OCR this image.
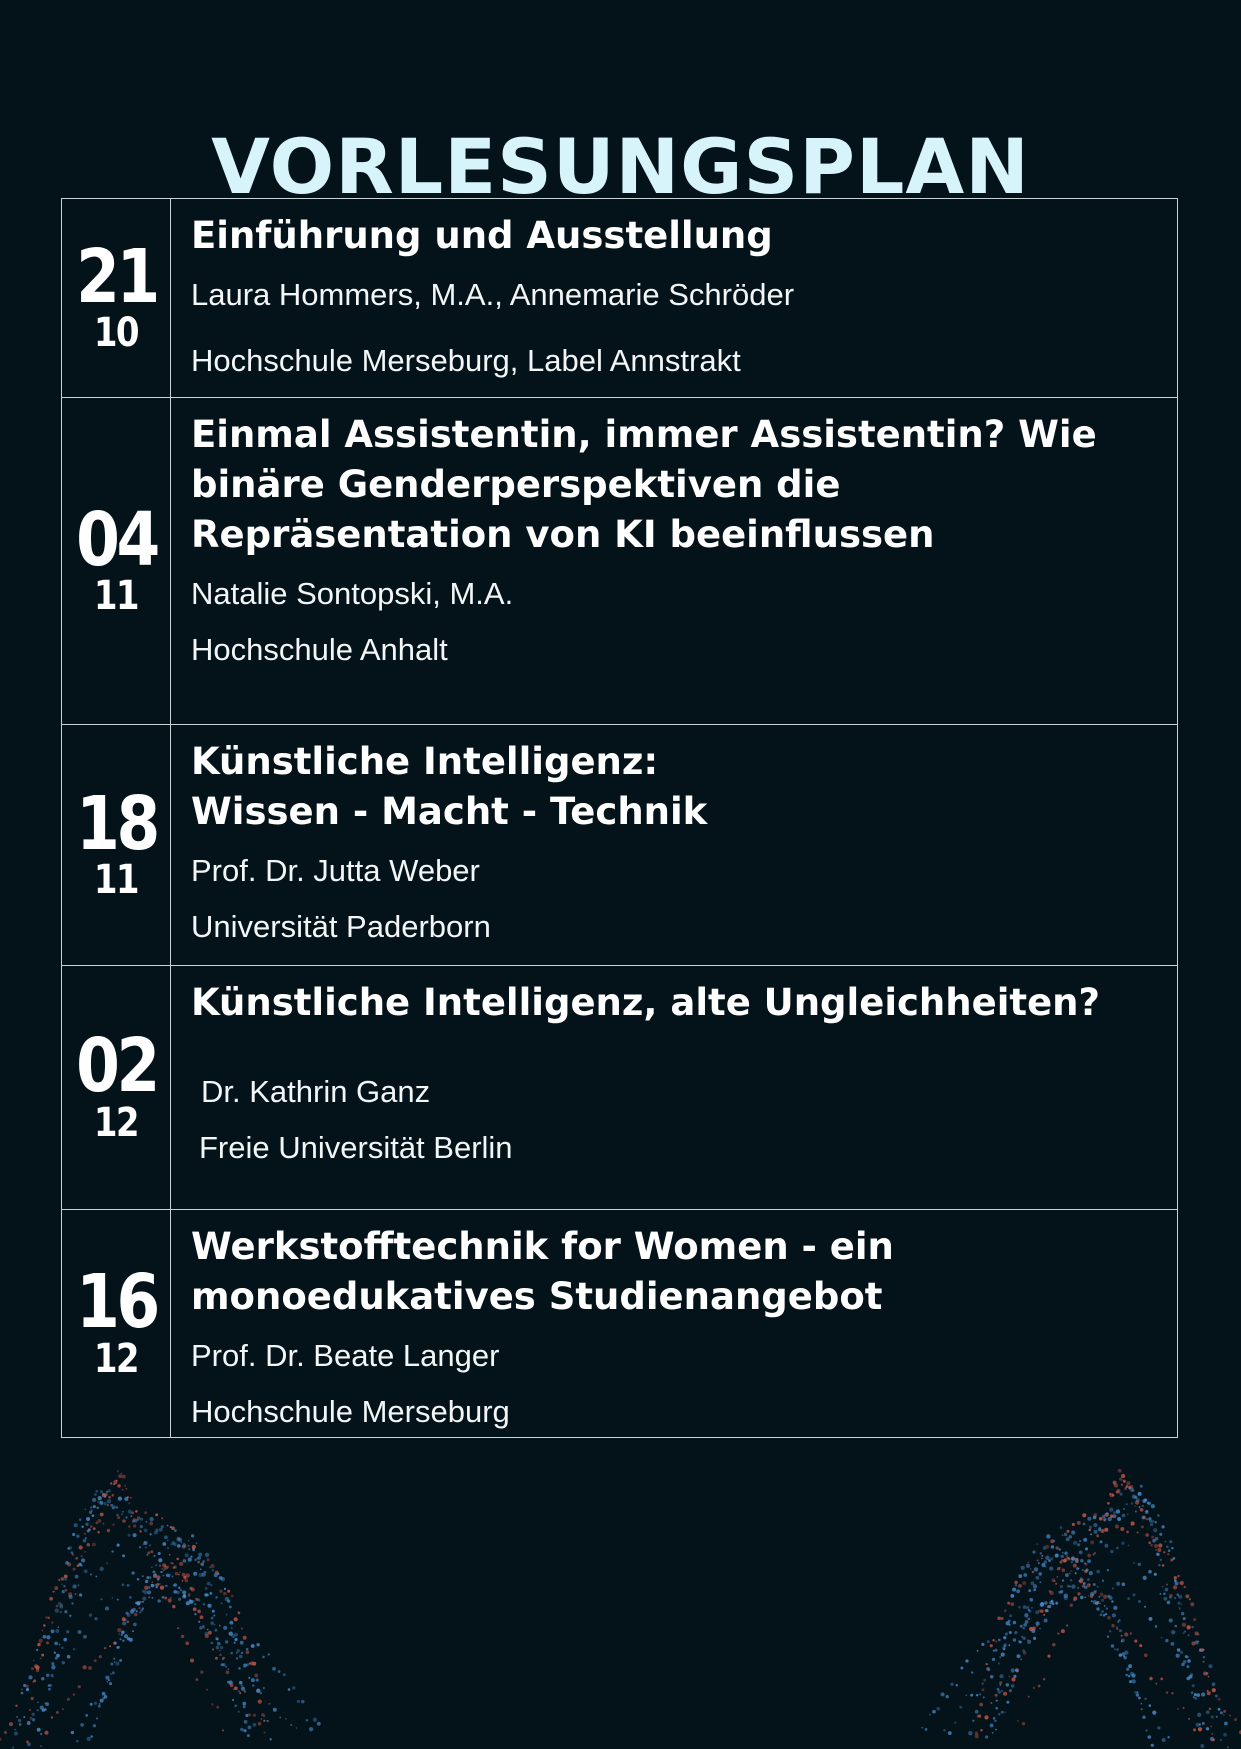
VORLESUNGSPLAN
21
10

Einführung und Ausstellung

Laura Hommers, M.A., Annemarie Schröder

Hochschule Merseburg, Label Annstrakt

04
11

Einmal Assistentin, immer Assistentin? Wie binäre Genderperspektiven die Repräsentation von KI beeinflussen

Natalie Sontopski, M.A.

Hochschule Anhalt

18
11

Künstliche Intelligenz:
Wissen - Macht - Technik

Prof. Dr. Jutta Weber

Universität Paderborn

02
12

Künstliche Intelligenz, alte Ungleichheiten?

Dr. Kathrin Ganz

Freie Universität Berlin

16
12

Werkstofftechnik for Women - ein monoedukatives Studienangebot

Prof. Dr. Beate Langer

Hochschule Merseburg
